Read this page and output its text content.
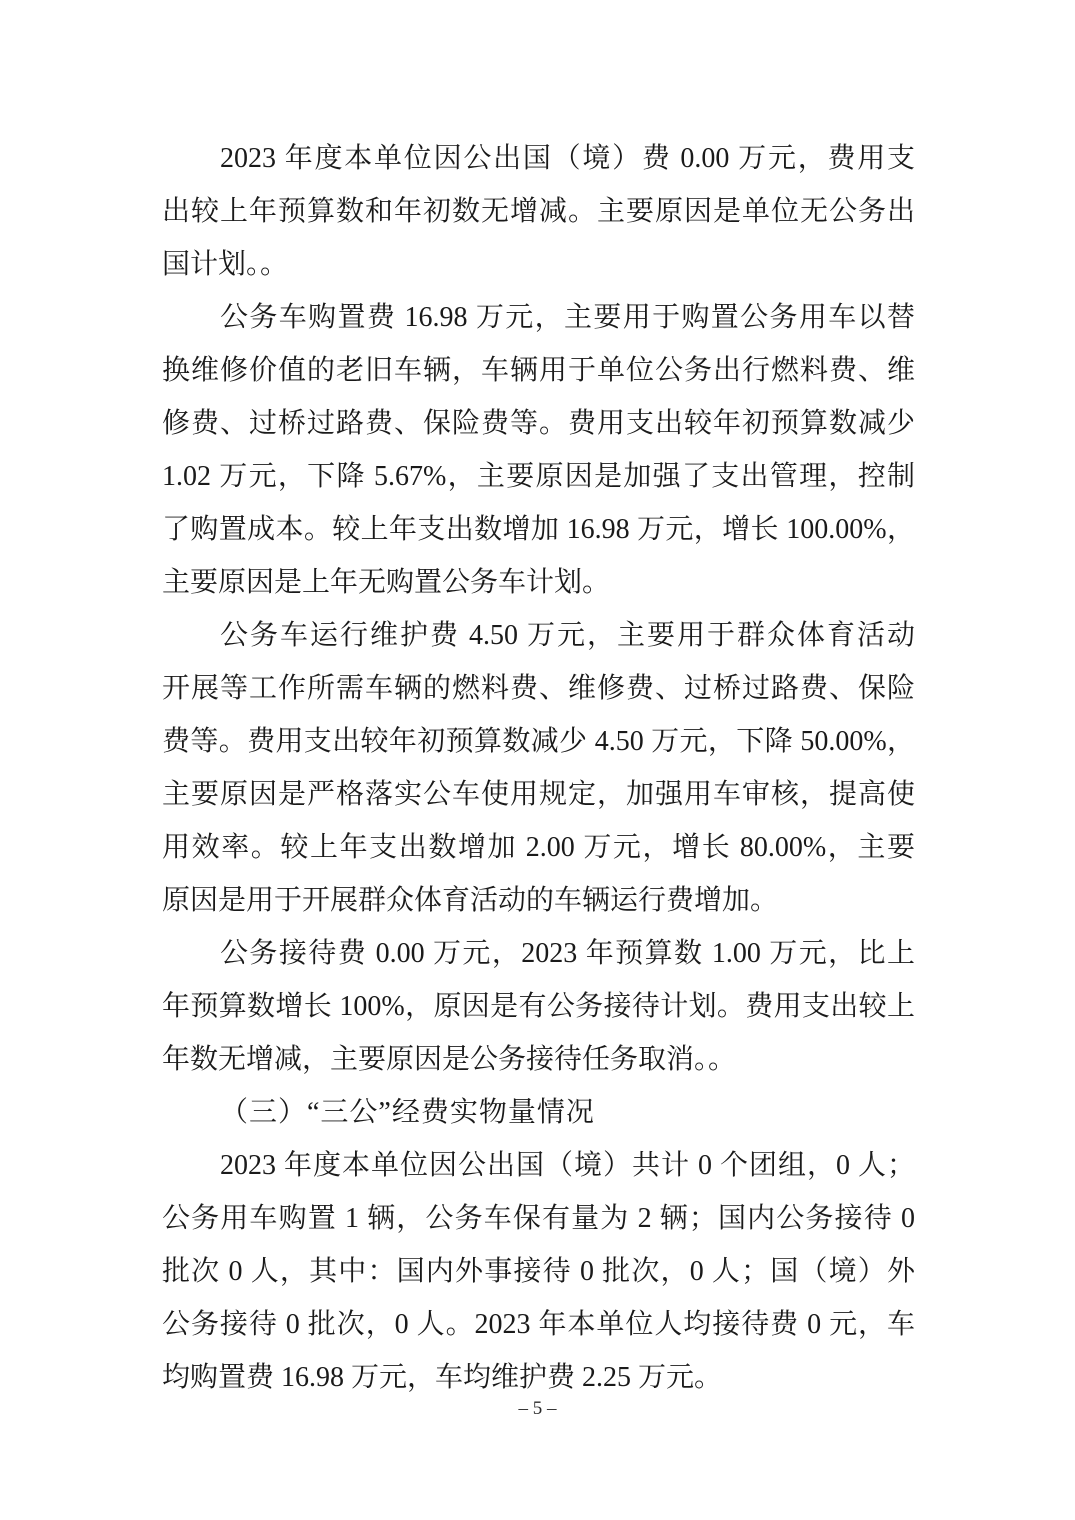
2023 年度本单位因公出国（境）费 0.00 万元，费用支
出较上年预算数和年初数无增减。主要原因是单位无公务出
国计划。。
公务车购置费 16.98 万元，主要用于购置公务用车以替
换维修价值的老旧车辆，车辆用于单位公务出行燃料费、维
修费、过桥过路费、保险费等。费用支出较年初预算数减少
1.02 万元，下降 5.67%，主要原因是加强了支出管理，控制
了购置成本。较上年支出数增加 16.98 万元，增长 100.00%，
主要原因是上年无购置公务车计划。
公务车运行维护费 4.50 万元，主要用于群众体育活动
开展等工作所需车辆的燃料费、维修费、过桥过路费、保险
费等。费用支出较年初预算数减少 4.50 万元，下降 50.00%，
主要原因是严格落实公车使用规定，加强用车审核，提高使
用效率。较上年支出数增加 2.00 万元，增长 80.00%，主要
原因是用于开展群众体育活动的车辆运行费增加。
公务接待费 0.00 万元，2023 年预算数 1.00 万元，比上
年预算数增长 100%，原因是有公务接待计划。费用支出较上
年数无增减，主要原因是公务接待任务取消。。
（三）“三公”经费实物量情况
2023 年度本单位因公出国（境）共计 0 个团组，0 人；
公务用车购置 1 辆，公务车保有量为 2 辆；国内公务接待 0
批次 0 人，其中：国内外事接待 0 批次，0 人；国（境）外
公务接待 0 批次，0 人。2023 年本单位人均接待费 0 元，车
均购置费 16.98 万元，车均维护费 2.25 万元。
– 5 –
